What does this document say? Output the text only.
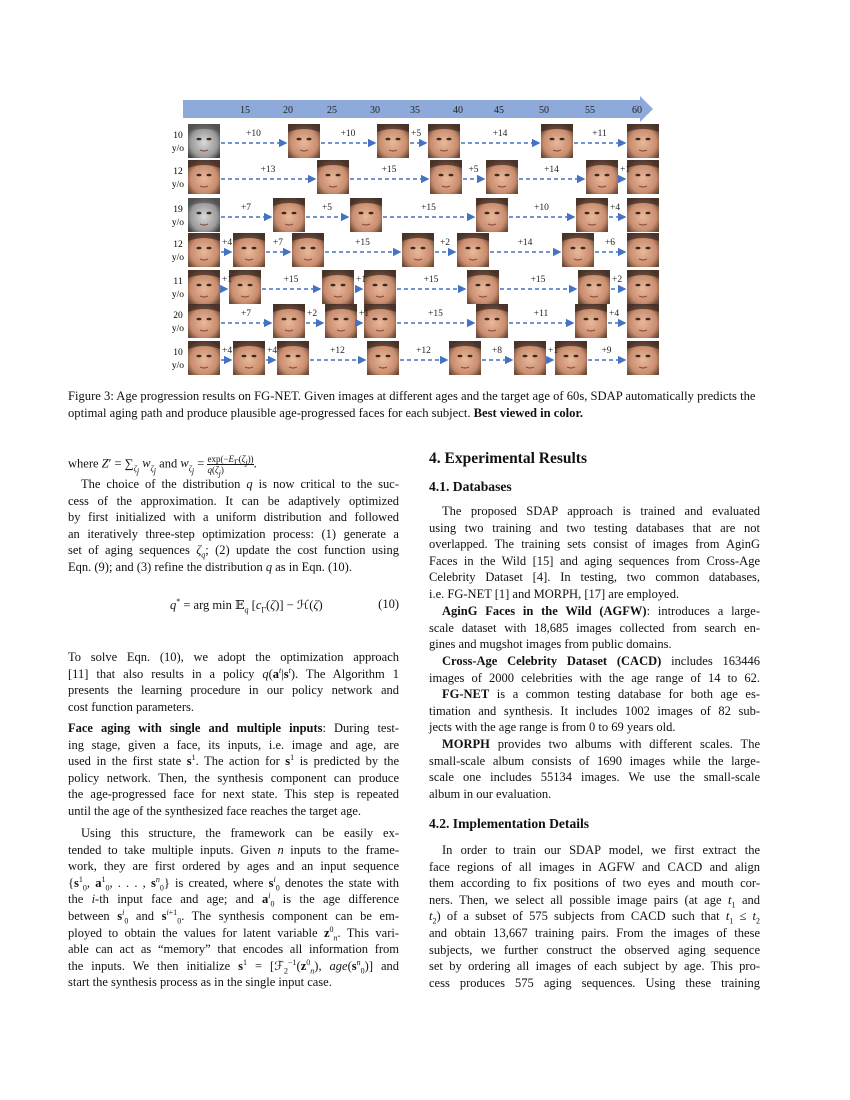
15	20	25	30	35	40	45	50	55	60
10
y/o
+10	+10	+5	+14	+11
12
y/o
+13	+15	+5	+14	+1
19
y/o
+7	+5	+15	+10	+4
12
y/o
+4	+7	+15	+2	+14	+6
11
y/o
+1	+15	+1	+15	+15	+2
20
y/o
+7	+2	+1	+15	+11	+4
10
y/o
+4	+4	+12	+12	+8	+1	+9
Figure 3: Age progression results on FG-NET. Given images at different ages and the target age of 60s, SDAP automatically predicts the optimal aging path and produce plausible age-progressed faces for each subject. Best viewed in color.
where $Z' = \sum_{\zeta_j}$ $w_{\zeta_j}$ and $w_{\zeta_j} = \exp(-E_\Gamma(\zeta_j))$
$q(\zeta_j)$ .
The choice of the distribution q is now critical to the suc-
cess of the approximation. It can be adaptively optimized
by first initialized with a uniform distribution and followed
an iteratively three-step optimization process: (1) generate a
set of aging sequences $\zeta_q$; (2) update the cost function using
Eqn. (9); and (3) refine the distribution q as in Eqn. (10).
q* = arg min 𝔼$_q$ $[c_\Gamma(\zeta)]$ − ℋ(ζ)	(10)
To solve Eqn. (10), we adopt the optimization approach
[11] that also results in a policy $q(a^t|s^t)$. The Algorithm 1
presents the learning procedure in our policy network and
cost function parameters.
Face aging with single and multiple inputs: During test-
ing stage, given a face, its inputs, i.e. image and age, are
used in the first state $s^1$. The action for $s^1$ is predicted by the
policy network. Then, the synthesis component can produce
the age-progressed face for next state. This step is repeated
until the age of the synthesized face reaches the target age.
Using this structure, the framework can be easily ex-
tended to take multiple inputs. Given n inputs to the frame-
work, they are first ordered by ages and an input sequence
{$s^1_0$, $a^1_0$, . . . , $s^n_0$} is created, where $s^i_0$ denotes the state with
the i-th input face and age; and $a^i_0$ is the age difference
between $s^i_0$ and $s^{i+1}_0$. The synthesis component can be em-
ployed to obtain the values for latent variable $z^0_n$. This vari-
able can act as “memory” that encodes all information from
the inputs. We then initialize $s^1$ = [$ℱ_2^{-1}(z^0_n)$, $age(s^n_0)$] and
start the synthesis process as in the single input case.
4. Experimental Results
4.1. Databases
The proposed SDAP approach is trained and evaluated
using two training and two testing databases that are not
overlapped. The training sets consist of images from AginG
Faces in the Wild [15] and aging sequences from Cross-Age
Celebrity Dataset [4]. In testing, two common databases,
i.e. FG-NET [1] and MORPH, [17] are employed.
AginG Faces in the Wild (AGFW): introduces a large-
scale dataset with 18,685 images collected from search en-
gines and mugshot images from public domains.
Cross-Age Celebrity Dataset (CACD) includes 163446
images of 2000 celebrities with the age range of 14 to 62.
FG-NET is a common testing database for both age es-
timation and synthesis. It includes 1002 images of 82 sub-
jects with the age range is from 0 to 69 years old.
MORPH provides two albums with different scales. The
small-scale album consists of 1690 images while the large-
scale one includes 55134 images. We use the small-scale
album in our evaluation.
4.2. Implementation Details
In order to train our SDAP model, we first extract the
face regions of all images in AGFW and CACD and align
them according to fix positions of two eyes and mouth cor-
ners. Then, we select all possible image pairs (at age $t_1$ and
$t_2$) of a subset of 575 subjects from CACD such that $t_1 \le t_2$
and obtain 13,667 training pairs. From the images of these
subjects, we further construct the observed aging sequence
set by ordering all images of each subject by age. This pro-
cess produces 575 aging sequences. Using these training
